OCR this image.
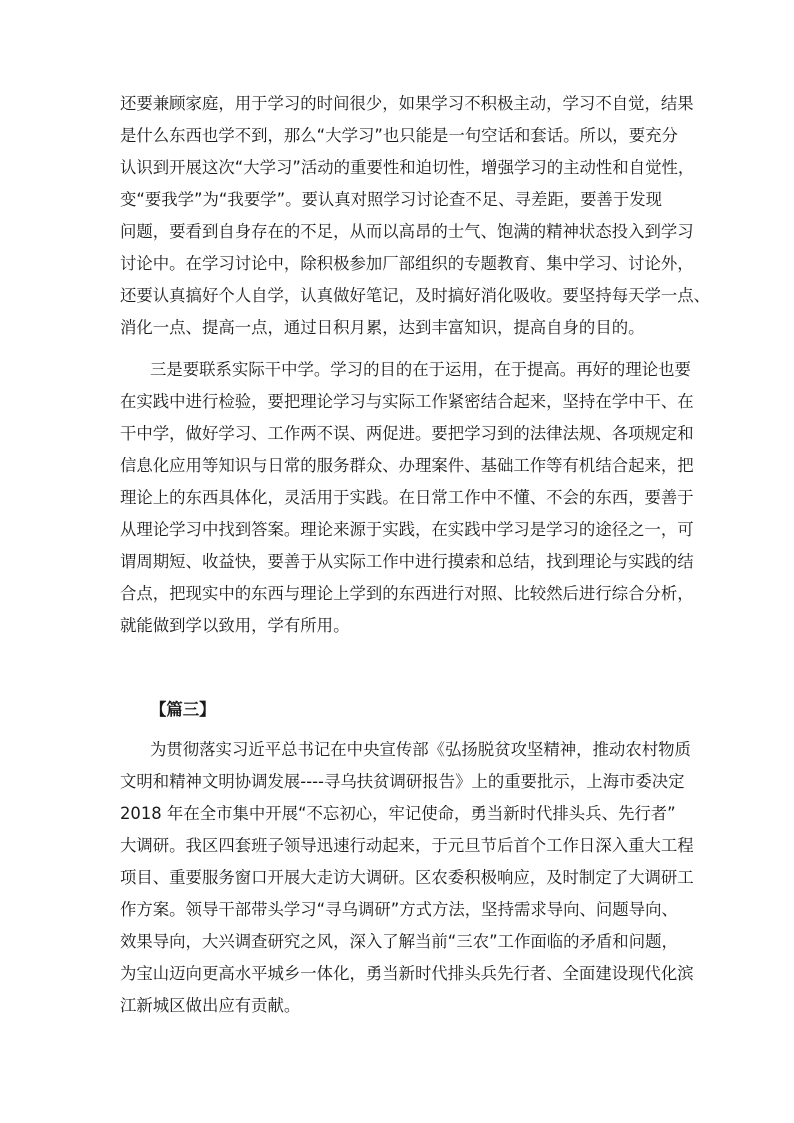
还要兼顾家庭，用于学习的时间很少，如果学习不积极主动，学习不自觉，结果
是什么东西也学不到，那么“大学习”也只能是一句空话和套话。所以，要充分
认识到开展这次“大学习”活动的重要性和迫切性，增强学习的主动性和自觉性，
变“要我学”为“我要学”。要认真对照学习讨论查不足、寻差距，要善于发现
问题，要看到自身存在的不足，从而以高昂的士气、饱满的精神状态投入到学习
讨论中。在学习讨论中，除积极参加厂部组织的专题教育、集中学习、讨论外，
还要认真搞好个人自学，认真做好笔记，及时搞好消化吸收。要坚持每天学一点、
消化一点、提高一点，通过日积月累，达到丰富知识，提高自身的目的。
三是要联系实际干中学。学习的目的在于运用，在于提高。再好的理论也要
在实践中进行检验，要把理论学习与实际工作紧密结合起来，坚持在学中干、在
干中学，做好学习、工作两不误、两促进。要把学习到的法律法规、各项规定和
信息化应用等知识与日常的服务群众、办理案件、基础工作等有机结合起来，把
理论上的东西具体化，灵活用于实践。在日常工作中不懂、不会的东西，要善于
从理论学习中找到答案。理论来源于实践，在实践中学习是学习的途径之一，可
谓周期短、收益快，要善于从实际工作中进行摸索和总结，找到理论与实践的结
合点，把现实中的东西与理论上学到的东西进行对照、比较然后进行综合分析，
就能做到学以致用，学有所用。
【篇三】
为贯彻落实习近平总书记在中央宣传部《弘扬脱贫攻坚精神，推动农村物质
文明和精神文明协调发展----寻乌扶贫调研报告》上的重要批示，上海市委决定
2018 年在全市集中开展“不忘初心，牢记使命，勇当新时代排头兵、先行者”
大调研。我区四套班子领导迅速行动起来，于元旦节后首个工作日深入重大工程
项目、重要服务窗口开展大走访大调研。区农委积极响应，及时制定了大调研工
作方案。领导干部带头学习“寻乌调研”方式方法，坚持需求导向、问题导向、
效果导向，大兴调查研究之风，深入了解当前“三农”工作面临的矛盾和问题，
为宝山迈向更高水平城乡一体化，勇当新时代排头兵先行者、全面建设现代化滨
江新城区做出应有贡献。
